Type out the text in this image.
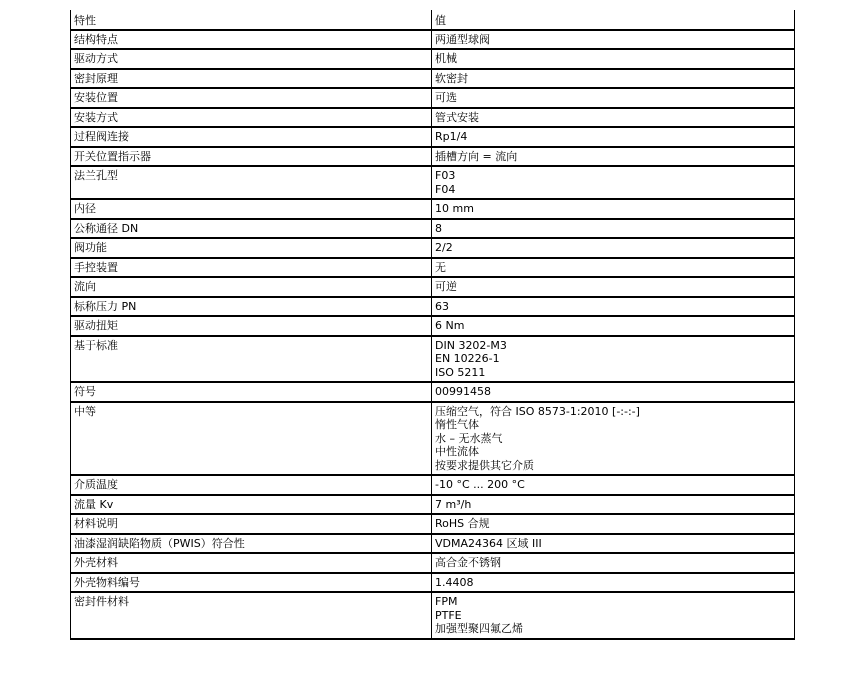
特性	值
结构特点	两通型球阀

驱动方式	机械

密封原理	软密封

安装位置	可选

安装方式	管式安装

过程阀连接	Rp1/4

开关位置指示器	插槽方向 = 流向

法兰孔型	F03
F04

内径	10 mm

公称通径 DN	8

阀功能	2/2

手控装置	无

流向	可逆

标称压力 PN	63

驱动扭矩	6 Nm

基于标准	DIN 3202-M3
EN 10226-1
ISO 5211

符号	00991458

中等	压缩空气，符合 ISO 8573-1:2010 [-:-:-]
惰性气体
水 – 无水蒸气
中性流体
按要求提供其它介质

介质温度	-10 °C ... 200 °C

流量 Kv	7 m³/h

材料说明	RoHS 合规

油漆湿润缺陷物质（PWIS）符合性	VDMA24364 区域 III

外壳材料	高合金不锈钢

外壳物料编号	1.4408

密封件材料	FPM
PTFE
加强型聚四氟乙烯
